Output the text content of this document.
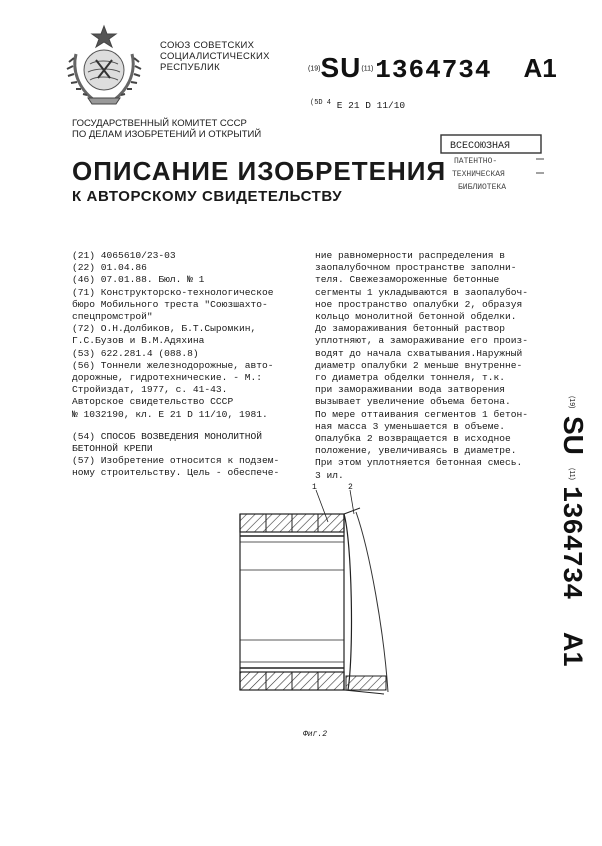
СОЮЗ СОВЕТСКИХ
СОЦИАЛИСТИЧЕСКИХ
РЕСПУБЛИК	$^{(19)}$SU$^{(11)}$1364734 A1
$^{(5D 4}$ E 21 D 11/10
ГОСУДАРСТВЕННЫЙ КОМИТЕТ СССР
ПО ДЕЛАМ ИЗОБРЕТЕНИЙ И ОТКРЫТИЙ
ВСЕСОЮЗНАЯ
ПАТЕНТНО-
ТЕХНИЧЕСКАЯ
БИБЛИОТЕКА
ОПИСАНИЕ ИЗОБРЕТЕНИЯ
К АВТОРСКОМУ СВИДЕТЕЛЬСТВУ
(21) 4065610/23-03
(22) 01.04.86
(46) 07.01.88. Бюл. № 1
(71) Конструкторско-технологическое
бюро Мобильного треста "Союзшахто-
спецпромстрой"
(72) О.Н.Долбиков, Б.Т.Сыромкин,
Г.С.Бузов и В.М.Адяхина
(53) 622.281.4 (088.8)
(56) Тоннели железнодорожные, авто-
дорожные, гидротехнические. - М.:
Стройиздат, 1977, с. 41-43.
Авторское свидетельство СССР
№ 1032190, кл. Е 21 D 11/10, 1981.
(54) СПОСОБ ВОЗВЕДЕНИЯ МОНОЛИТНОЙ
БЕТОННОЙ КРЕПИ
(57) Изобретение относится к подзем-
ному строительству. Цель - обеспече-
ние равномерности распределения в
заопалубочном пространстве заполни-
теля. Свежезамороженные бетонные
сегменты 1 укладываются в заопалубоч-
ное пространство опалубки 2, образуя
кольцо монолитной бетонной обделки.
До замораживания бетонный раствор
уплотняют, а замораживание его произ-
водят до начала схватывания.Наружный
диаметр опалубки 2 меньше внутренне-
го диаметра обделки тоннеля, т.к.
при замораживании вода затворения
вызывает увеличение объема бетона.
По мере оттаивания сегментов 1 бетон-
ная масса 3 уменьшается в объеме.
Опалубка 2 возвращается в исходное
положение, увеличиваясь в диаметре.
При этом уплотняется бетонная смесь.
3 ил.
(19)
SU
(11)
1364734
A1
1	2
Фиг.2
